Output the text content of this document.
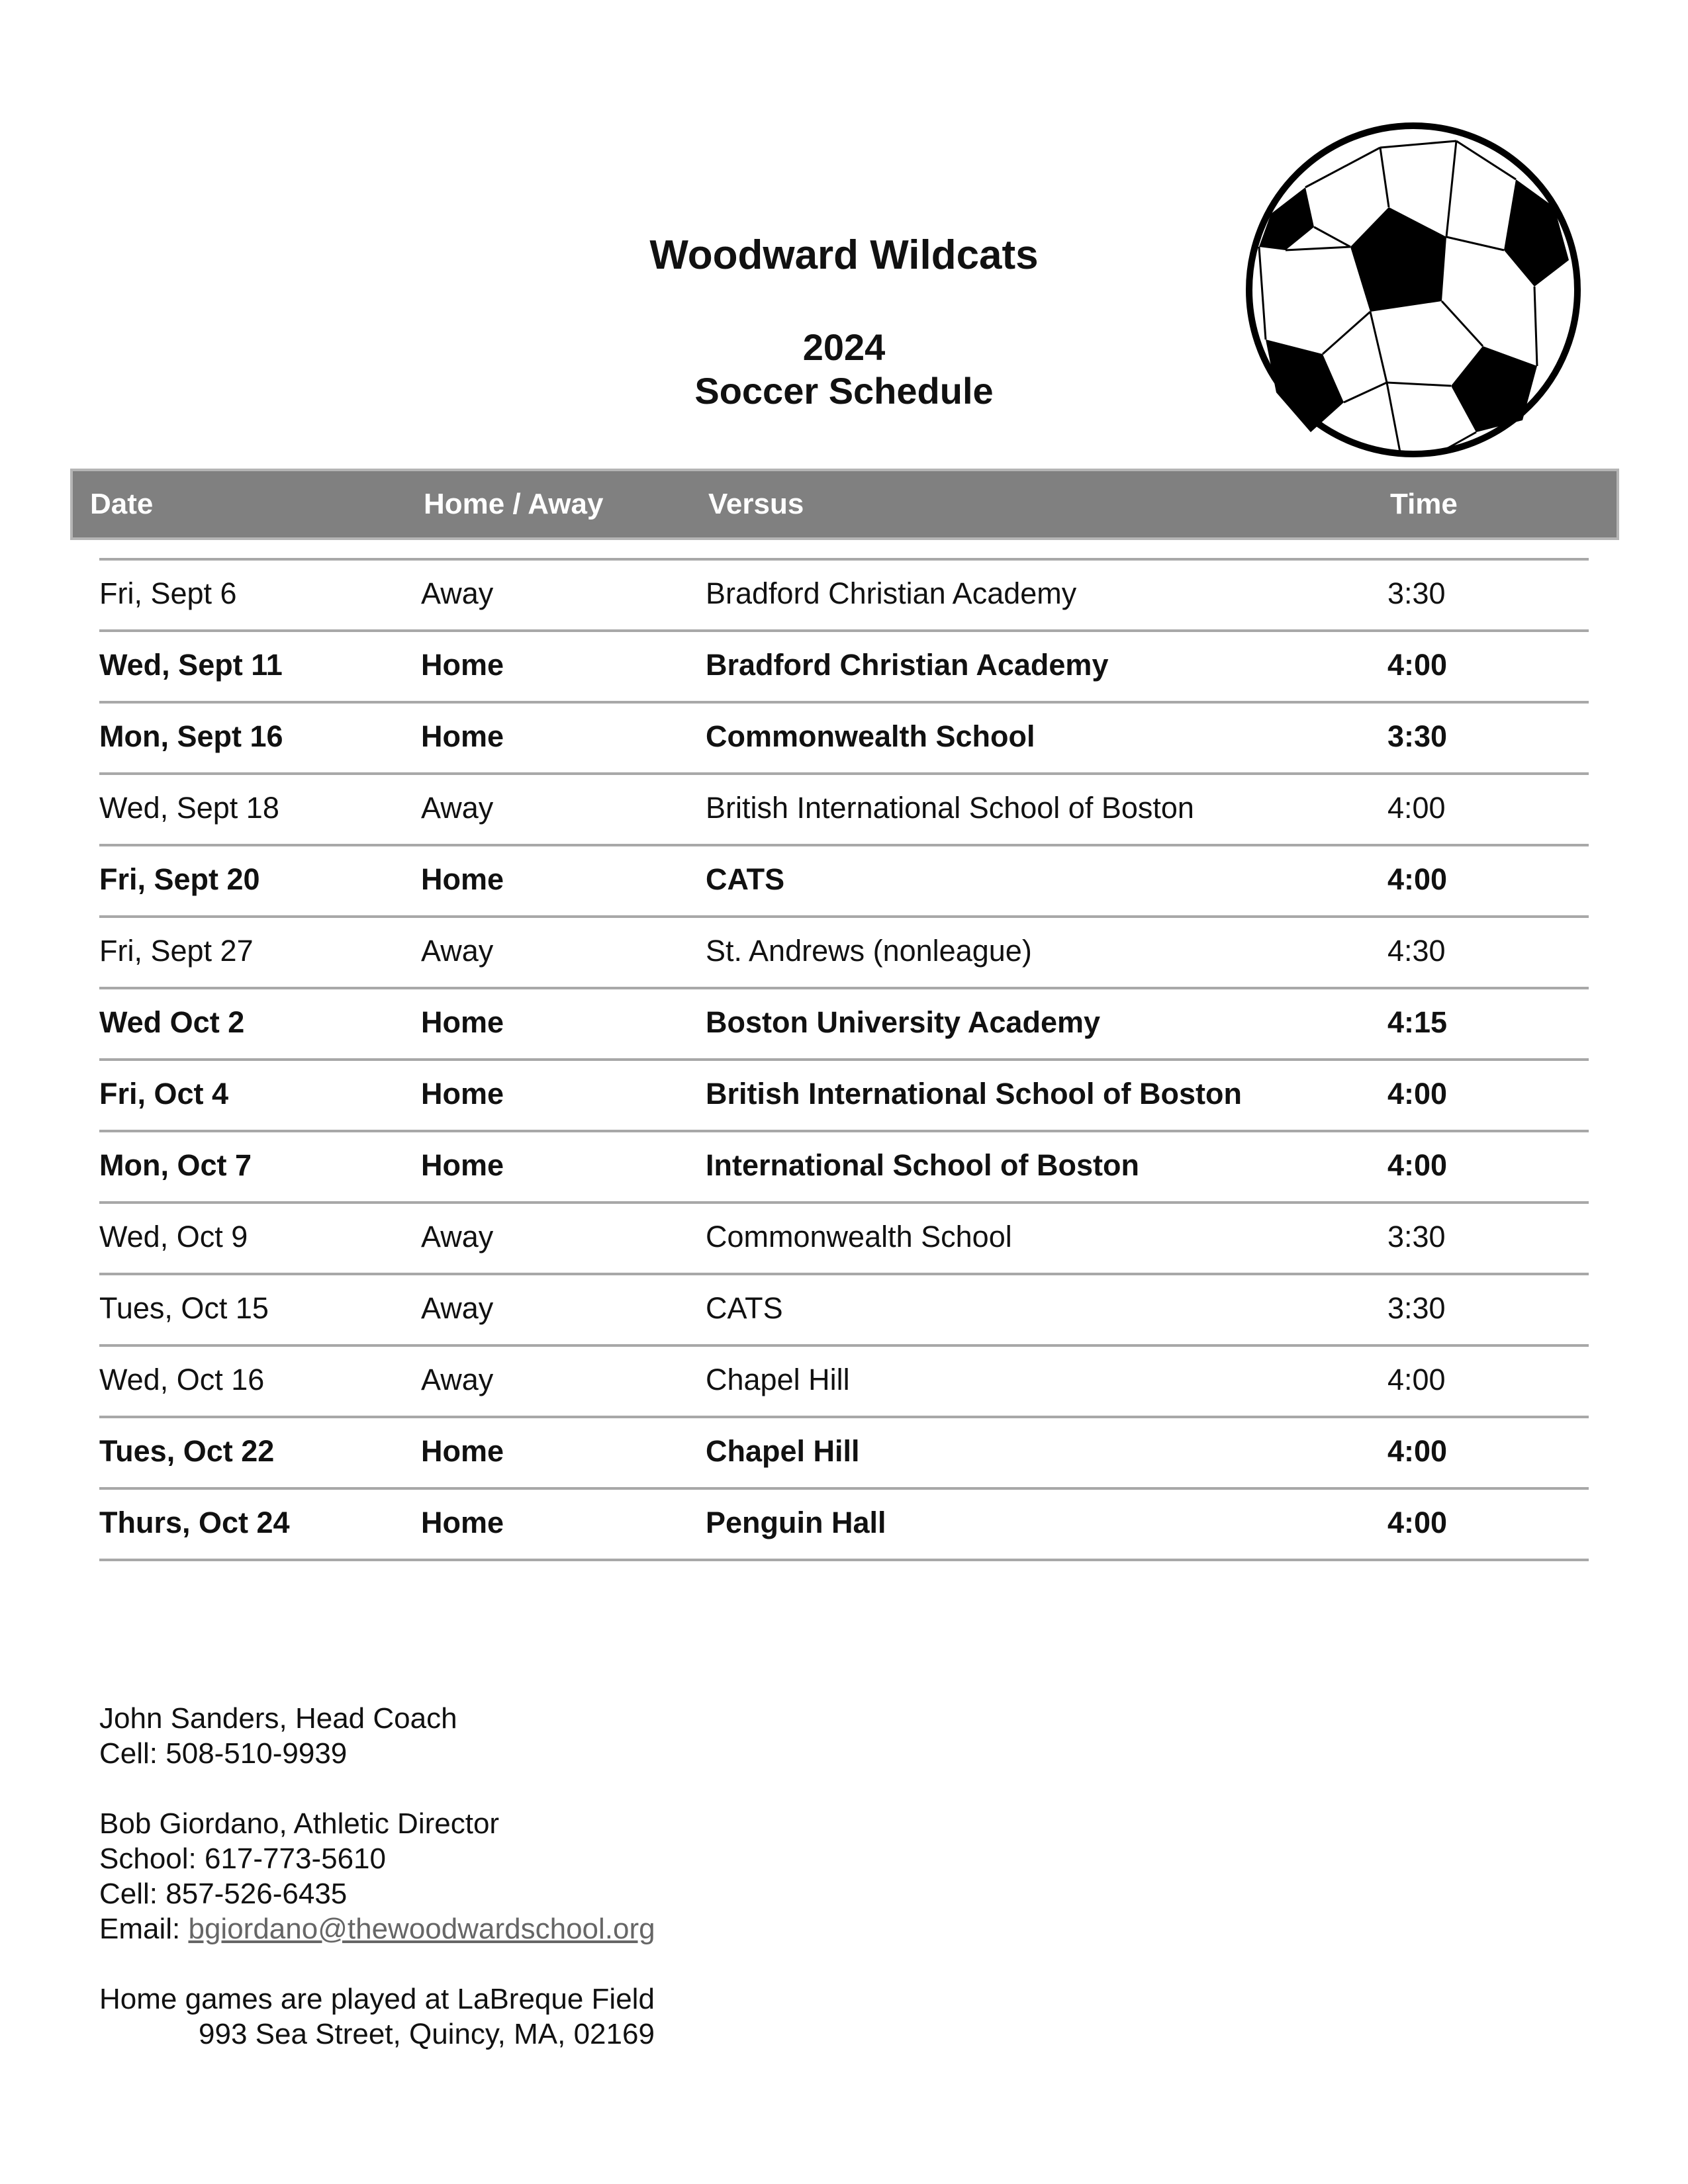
Woodward Wildcats
2024
Soccer Schedule
Date	Home / Away	Versus	Time
Fri, Sept 6	Away	Bradford Christian Academy	3:30
Wed, Sept 11	Home	Bradford Christian Academy	4:00
Mon, Sept 16	Home	Commonwealth School	3:30
Wed, Sept 18	Away	British International School of Boston	4:00
Fri, Sept 20	Home	CATS	4:00
Fri, Sept 27	Away	St. Andrews (nonleague)	4:30
Wed Oct 2	Home	Boston University Academy	4:15
Fri, Oct 4	Home	British International School of Boston	4:00
Mon, Oct 7	Home	International School of Boston	4:00
Wed, Oct 9	Away	Commonwealth School	3:30
Tues, Oct 15	Away	CATS	3:30
Wed, Oct 16	Away	Chapel Hill	4:00
Tues, Oct 22	Home	Chapel Hill	4:00
Thurs, Oct 24	Home	Penguin Hall	4:00

John Sanders, Head Coach

Cell: 508-510-9939

Bob Giordano, Athletic Director

School: 617-773-5610

Cell: 857-526-6435

Email: bgiordano@thewoodwardschool.org

Home games are played at LaBreque Field

993 Sea Street, Quincy, MA, 02169
